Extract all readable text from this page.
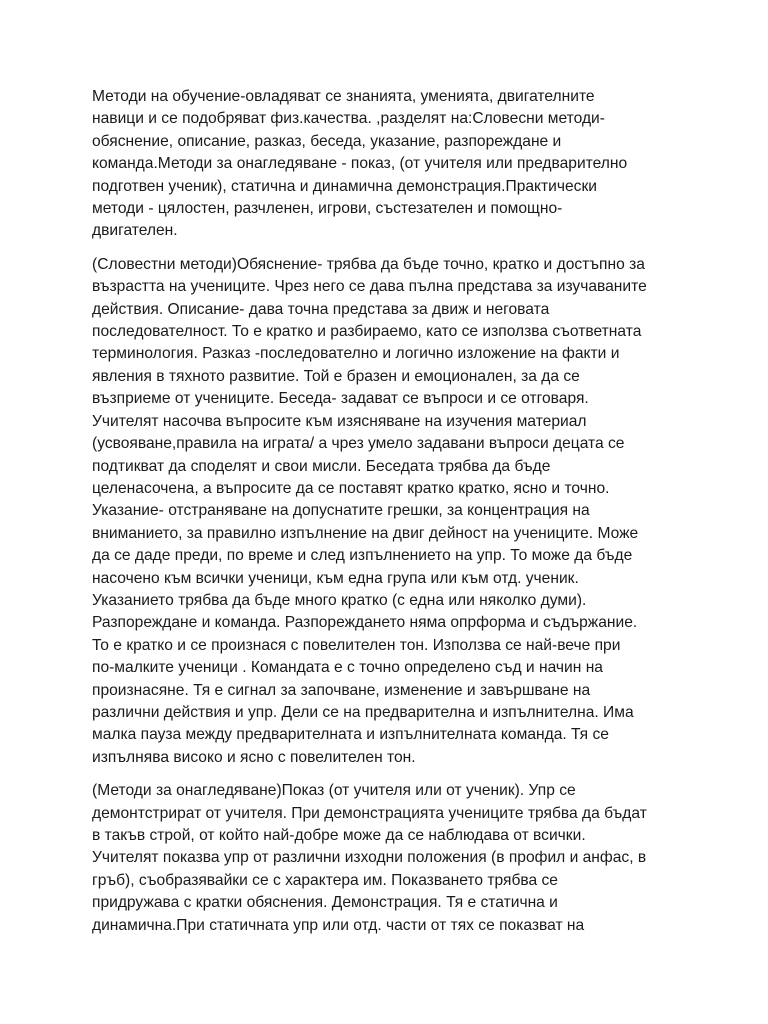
Методи на обучение-овладяват се знанията, уменията, двигателните
навици и се подобряват физ.качества. ,разделят на:Словесни методи-
обяснение, описание, разказ, беседа, указание, разпореждане и
команда.Методи за онагледяване - показ, (от учителя или предварително
подготвен ученик), статична и динамична демонстрация.Практически
методи - цялостен, разчленен, игрови, състезателен и помощно-
двигателен.
(Словестни методи)Обяснение- трябва да бъде точно, кратко и достъпно за
възрастта на учениците. Чрез него се дава пълна представа за изучаваните
действия. Описание- дава точна представа за движ и неговата
последователност. То е кратко и разбираемо, като се използва съответната
терминология. Разказ -последователно и логично изложение на факти и
явления в тяхното развитие. Той е бразен и емоционален, за да се
възприеме от учениците. Беседа- задават се въпроси и се отговаря.
Учителят насочва въпросите към изясняване на изучения материал
(усвояване,правила на играта/ а чрез умело задавани въпроси децата се
подтикват да споделят и свои мисли. Беседата трябва да бъде
целенасочена, а въпросите да се поставят кратко кратко, ясно и точно.
Указание- отстраняване на допуснатите грешки, за концентрация на
вниманието, за правилно изпълнение на двиг дейност на учениците. Може
да се даде преди, по време и след изпълнението на упр. То може да бъде
насочено към всички ученици, към една група или към отд. ученик.
Указанието трябва да бъде много кратко (с една или няколко думи).
Разпореждане и команда. Разпореждането няма опрформа и съдържание.
То е кратко и се произнася с повелителен тон. Използва се най-вече при
по-малките ученици . Командата е с точно определено съд и начин на
произнасяне. Тя е сигнал за започване, изменение и завършване на
различни действия и упр. Дели се на предварителна и изпълнителна. Има
малка пауза между предварителната и изпълнителната команда. Тя се
изпълнява високо и ясно с повелителен тон.
(Методи за онагледяване)Показ (от учителя или от ученик). Упр се
демонтстрират от учителя. При демонстрацията учениците трябва да бъдат
в такъв строй, от който най-добре може да се наблюдава от всички.
Учителят показва упр от различни изходни положения (в профил и анфас, в
гръб), съобразявайки се с характера им. Показването трябва се
придружава с кратки обяснения. Демонстрация. Тя е статична и
динамична.При статичната упр или отд. части от тях се показват на
